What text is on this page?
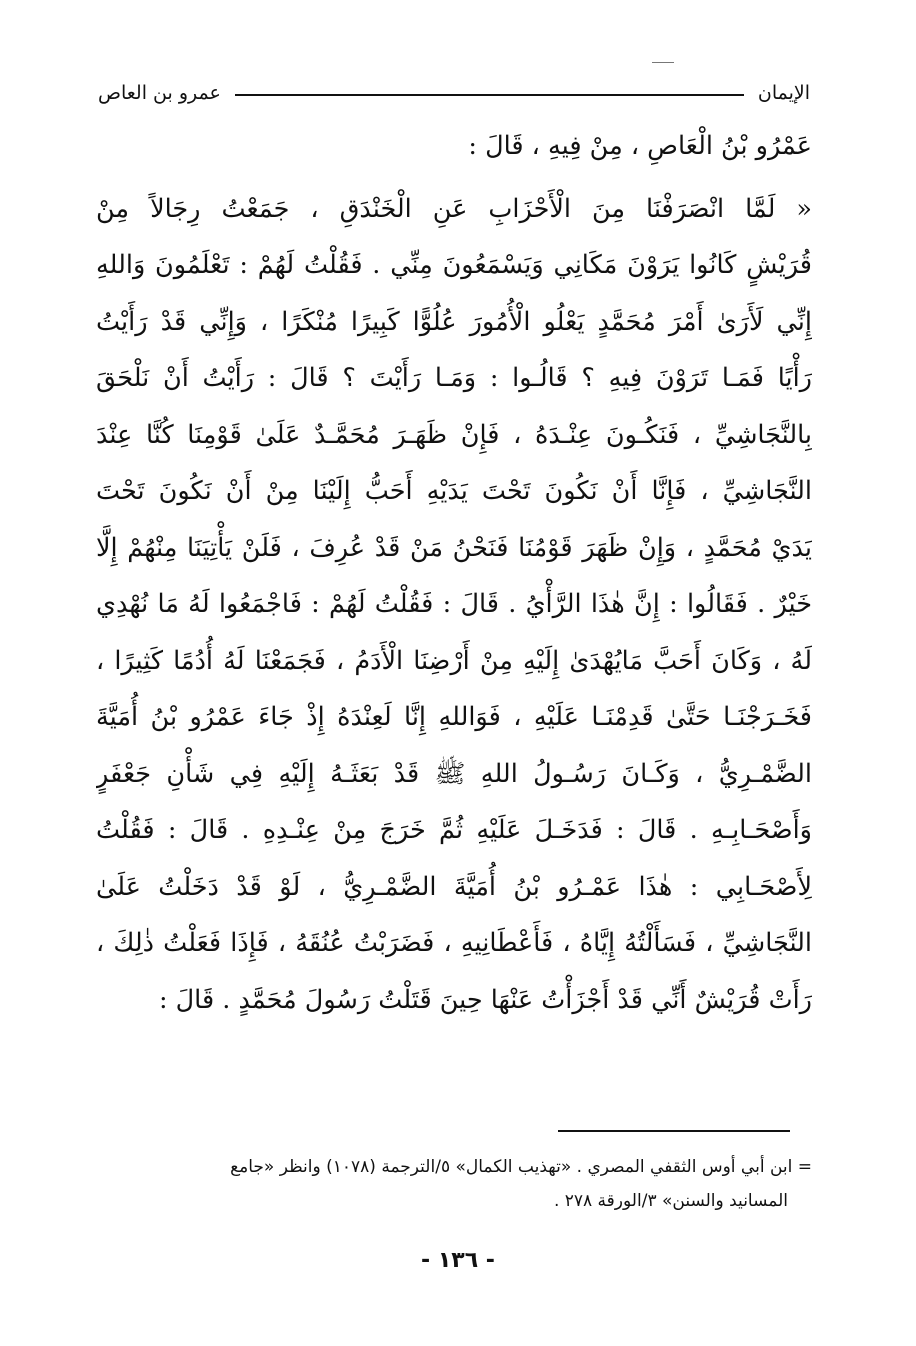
الإيمان
عمرو بن العاص
عَمْرُو بْنُ الْعَاصِ ، مِنْ فِيهِ ، قَالَ :
« لَمَّا انْصَرَفْنَا مِنَ الْأَحْزَابِ عَنِ الْخَنْدَقِ ، جَمَعْتُ رِجَالاً مِنْ
قُرَيْشٍ كَانُوا يَرَوْنَ مَكَانِي وَيَسْمَعُونَ مِنِّي . فَقُلْتُ لَهُمْ : تَعْلَمُونَ وَاللهِ
إِنِّي لَأَرَىٰ أَمْرَ مُحَمَّدٍ يَعْلُو الْأُمُورَ عُلُوًّا كَبِيرًا مُنْكَرًا ، وَإِنِّي قَدْ رَأَيْتُ
رَأْيًا فَمَـا تَرَوْنَ فِيهِ ؟ قَالُـوا : وَمَـا رَأَيْتَ ؟ قَالَ : رَأَيْتُ أَنْ نَلْحَقَ
بِالنَّجَاشِيِّ ، فَنَكُـونَ عِنْـدَهُ ، فَإِنْ ظَهَـرَ مُحَمَّـدٌ عَلَىٰ قَوْمِنَا كُنَّا عِنْدَ
النَّجَاشِيِّ ، فَإِنَّا أَنْ نَكُونَ تَحْتَ يَدَيْهِ أَحَبُّ إِلَيْنَا مِنْ أَنْ نَكُونَ تَحْتَ
يَدَيْ مُحَمَّدٍ ، وَإِنْ ظَهَرَ قَوْمُنَا فَنَحْنُ مَنْ قَدْ عُرِفَ ، فَلَنْ يَأْتِيَنَا مِنْهُمْ إِلَّا
خَيْرٌ . فَقَالُوا : إِنَّ هٰذَا الرَّأْيُ . قَالَ : فَقُلْتُ لَهُمْ : فَاجْمَعُوا لَهُ مَا نُهْدِي
لَهُ ، وَكَانَ أَحَبَّ مَايُهْدَىٰ إِلَيْهِ مِنْ أَرْضِنَا الْأَدَمُ ، فَجَمَعْنَا لَهُ أُدُمًا كَثِيرًا ،
فَخَـرَجْنَـا حَتَّىٰ قَدِمْنَـا عَلَيْهِ ، فَوَاللهِ إِنَّا لَعِنْدَهُ إِذْ جَاءَ عَمْرُو بْنُ أُمَيَّةَ
الضَّمْـرِيُّ ، وَكَـانَ رَسُـولُ اللهِ ﷺ قَدْ بَعَثَـهُ إِلَيْهِ فِي شَأْنِ جَعْفَرٍ
وَأَصْحَـابِـهِ . قَالَ : فَدَخَـلَ عَلَيْهِ ثُمَّ خَرَجَ مِنْ عِنْـدِهِ . قَالَ : فَقُلْتُ
لِأَصْحَـابِي : هٰذَا عَمْـرُو بْنُ أُمَيَّةَ الضَّمْـرِيُّ ، لَوْ قَدْ دَخَلْتُ عَلَىٰ
النَّجَاشِيِّ ، فَسَأَلْتُهُ إِيَّاهُ ، فَأَعْطَانِيهِ ، فَضَرَبْتُ عُنُقَهُ ، فَإِذَا فَعَلْتُ ذٰلِكَ ،
رَأَتْ قُرَيْشٌ أَنِّي قَدْ أَجْزَأْتُ عَنْهَا حِينَ قَتَلْتُ رَسُولَ مُحَمَّدٍ . قَالَ :
= ابن أبي أوس الثقفي المصري . «تهذيب الكمال» ٥/الترجمة (١٠٧٨) وانظر «جامع
المسانيد والسنن» ٣/الورقة ٢٧٨ .
- ١٣٦ -
